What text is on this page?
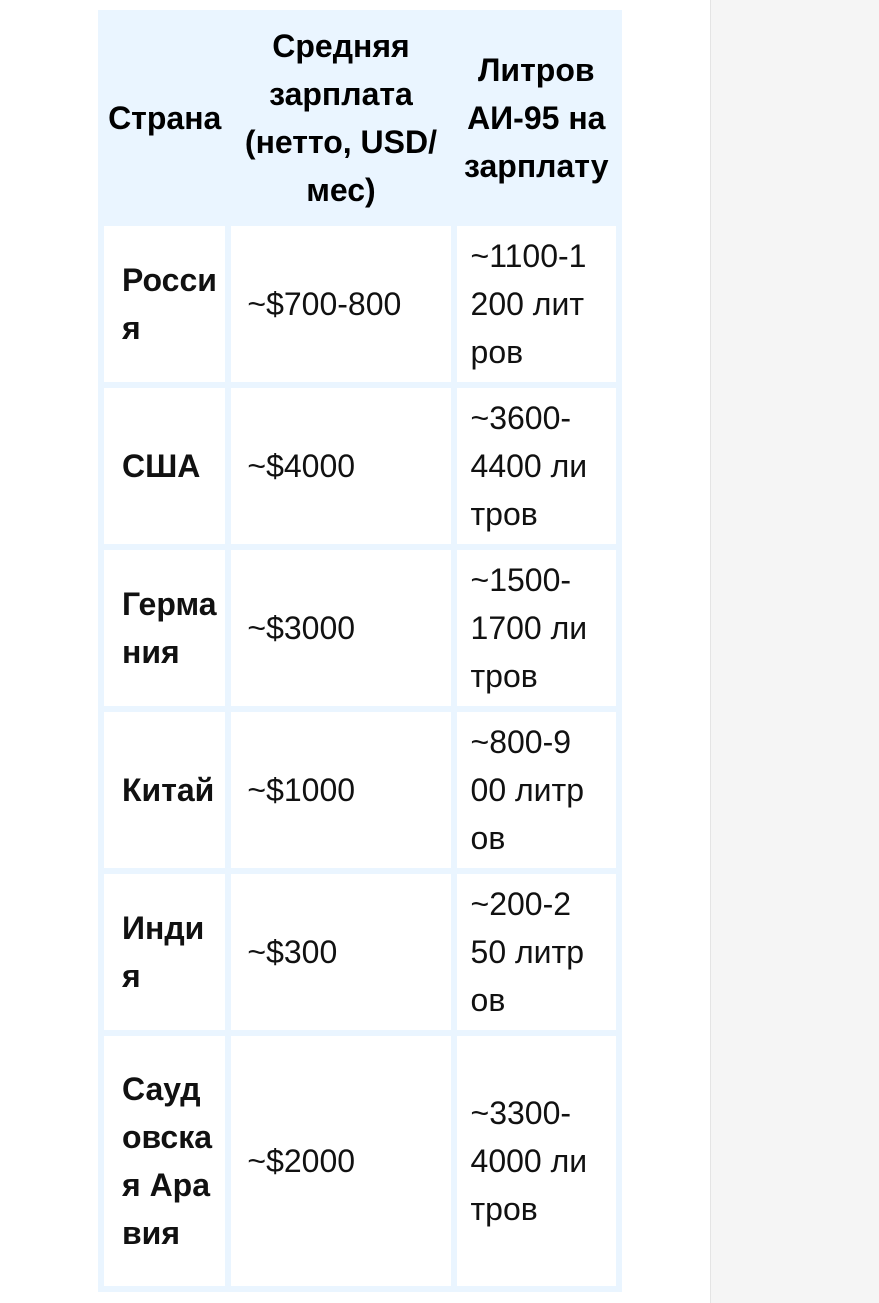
Страна	Средняя зарплата (нетто, USD/мес)	Литров АИ-95 на зарплату
Россия	~$700-800	~1100-1200 литров
США	~$4000	~3600-4400 литров
Германия	~$3000	~1500-1700 литров
Китай	~$1000	~800-900 литров
Индия	~$300	~200-250 литров
Саудовская Аравия	~$2000	~3300-4000 литров
